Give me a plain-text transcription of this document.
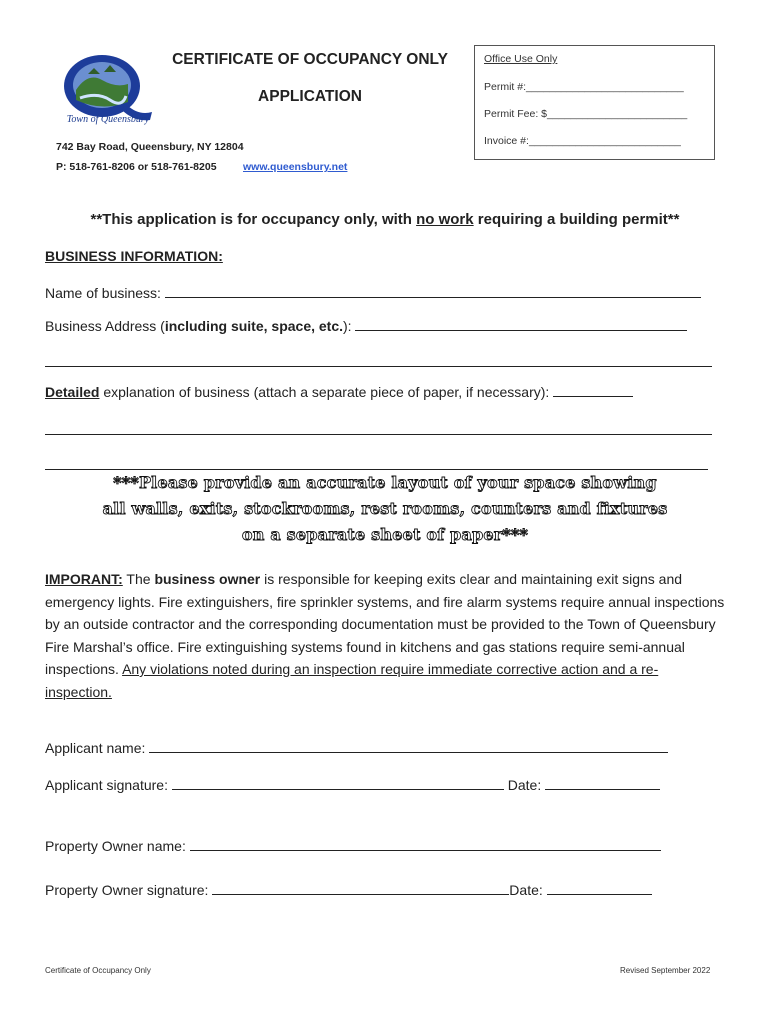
Town of Queensbury
CERTIFICATE OF OCCUPANCY ONLY
APPLICATION
742 Bay Road, Queensbury, NY 12804
P: 518-761-8206 or 518-761-8205	www.queensbury.net
Office Use Only
Permit #:___________________________
Permit Fee: $________________________
Invoice #:__________________________
**This application is for occupancy only, with no work requiring a building permit**
BUSINESS INFORMATION:
Name of business:
Business Address (including suite, space, etc.):
Detailed explanation of business (attach a separate piece of paper, if necessary):
***Please provide an accurate layout of your space showing
all walls, exits, stockrooms, rest rooms, counters and fixtures
on a separate sheet of paper***
IMPORANT: The business owner is responsible for keeping exits clear and maintaining exit signs and emergency lights. Fire extinguishers, fire sprinkler systems, and fire alarm systems require annual inspections by an outside contractor and the corresponding documentation must be provided to the Town of Queensbury Fire Marshal’s office. Fire extinguishing systems found in kitchens and gas stations require semi-annual inspections. Any violations noted during an inspection require immediate corrective action and a re-inspection.
Applicant name:
Applicant signature:	Date:
Property Owner name:
Property Owner signature:	Date:
Certificate of Occupancy Only	Revised September 2022
